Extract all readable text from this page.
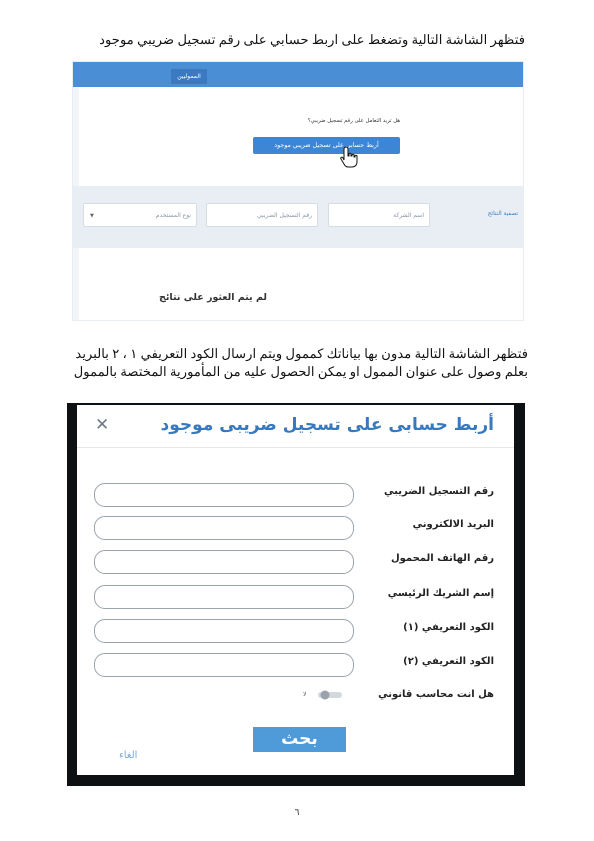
فتظهر الشاشة التالية وتضغط على اربط حسابي على رقم تسجيل ضريبي موجود
المموليين
هل تريد التعامل على رقم تسجيل ضريبي؟
أربط حسابي على تسجيل ضريبي موجود
تصفية النتائج
اسم الشركة
رقم التسجيل الضريبي
نوع المستخدم
▼
لم يتم العثور على نتائج
فتظهر الشاشة التالية مدون بها بياناتك كممول ويتم ارسال الكود التعريفي ١ ، ٢ بالبريد
بعلم وصول على عنوان الممول او يمكن الحصول عليه من المأمورية المختصة بالممول
أربط حسابى على تسجيل ضريبى موجود
✕
رقم التسجيل الضريبي
البريد الالكتروني
رقم الهاتف المحمول
إسم الشريك الرئيسي
الكود التعريفي (١)
الكود التعريفي (٢)
هل انت محاسب قانوني
لا
بحث
الغاء
٦
